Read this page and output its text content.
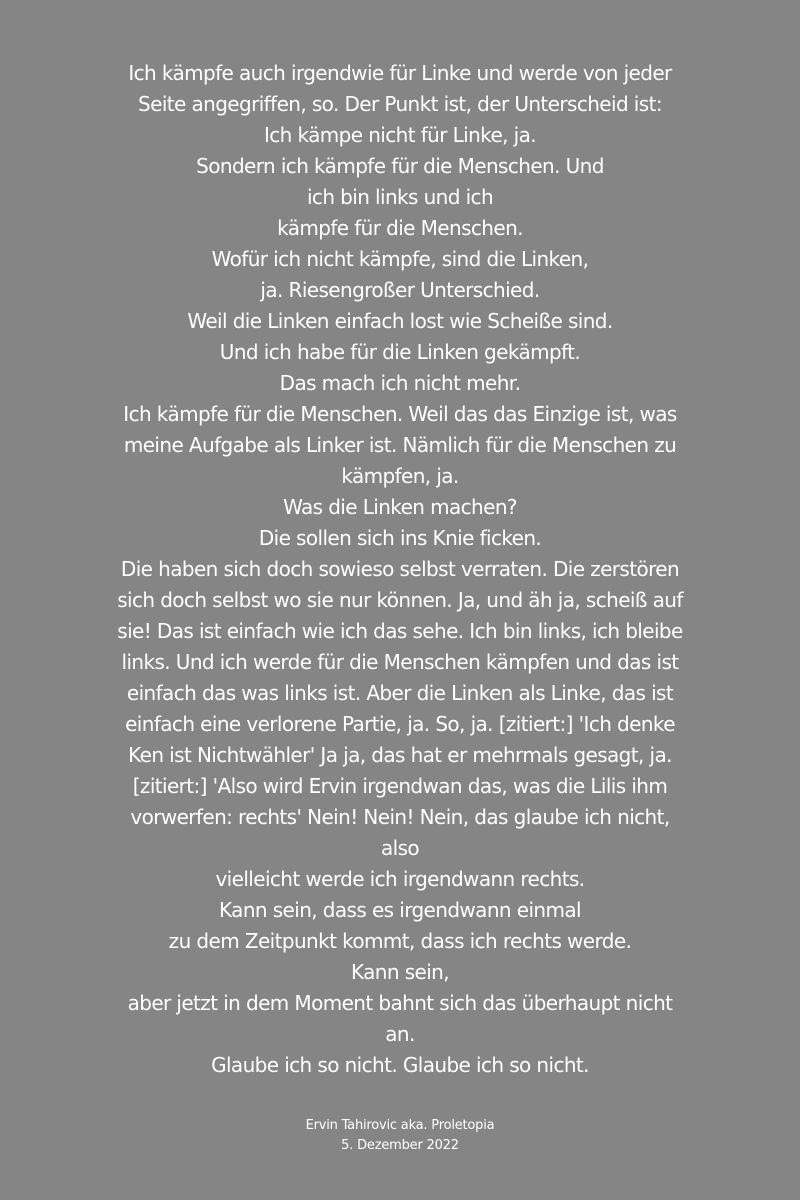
Ich kämpfe auch irgendwie für Linke und werde von jeder
Seite angegriffen, so. Der Punkt ist, der Unterscheid ist:
Ich kämpe nicht für Linke, ja.
Sondern ich kämpfe für die Menschen. Und
ich bin links und ich
kämpfe für die Menschen.
Wofür ich nicht kämpfe, sind die Linken,
ja. Riesengroßer Unterschied.
Weil die Linken einfach lost wie Scheiße sind.
Und ich habe für die Linken gekämpft.
Das mach ich nicht mehr.
Ich kämpfe für die Menschen. Weil das das Einzige ist, was
meine Aufgabe als Linker ist. Nämlich für die Menschen zu
kämpfen, ja.
Was die Linken machen?
Die sollen sich ins Knie ficken.
Die haben sich doch sowieso selbst verraten. Die zerstören
sich doch selbst wo sie nur können. Ja, und äh ja, scheiß auf
sie! Das ist einfach wie ich das sehe. Ich bin links, ich bleibe
links. Und ich werde für die Menschen kämpfen und das ist
einfach das was links ist. Aber die Linken als Linke, das ist
einfach eine verlorene Partie, ja. So, ja. [zitiert:] 'Ich denke
Ken ist Nichtwähler' Ja ja, das hat er mehrmals gesagt, ja.
[zitiert:] 'Also wird Ervin irgendwan das, was die Lilis ihm
vorwerfen: rechts' Nein! Nein! Nein, das glaube ich nicht,
also
vielleicht werde ich irgendwann rechts.
Kann sein, dass es irgendwann einmal
zu dem Zeitpunkt kommt, dass ich rechts werde.
Kann sein,
aber jetzt in dem Moment bahnt sich das überhaupt nicht
an.
Glaube ich so nicht. Glaube ich so nicht.
Ervin Tahirovic aka. Proletopia
5. Dezember 2022
